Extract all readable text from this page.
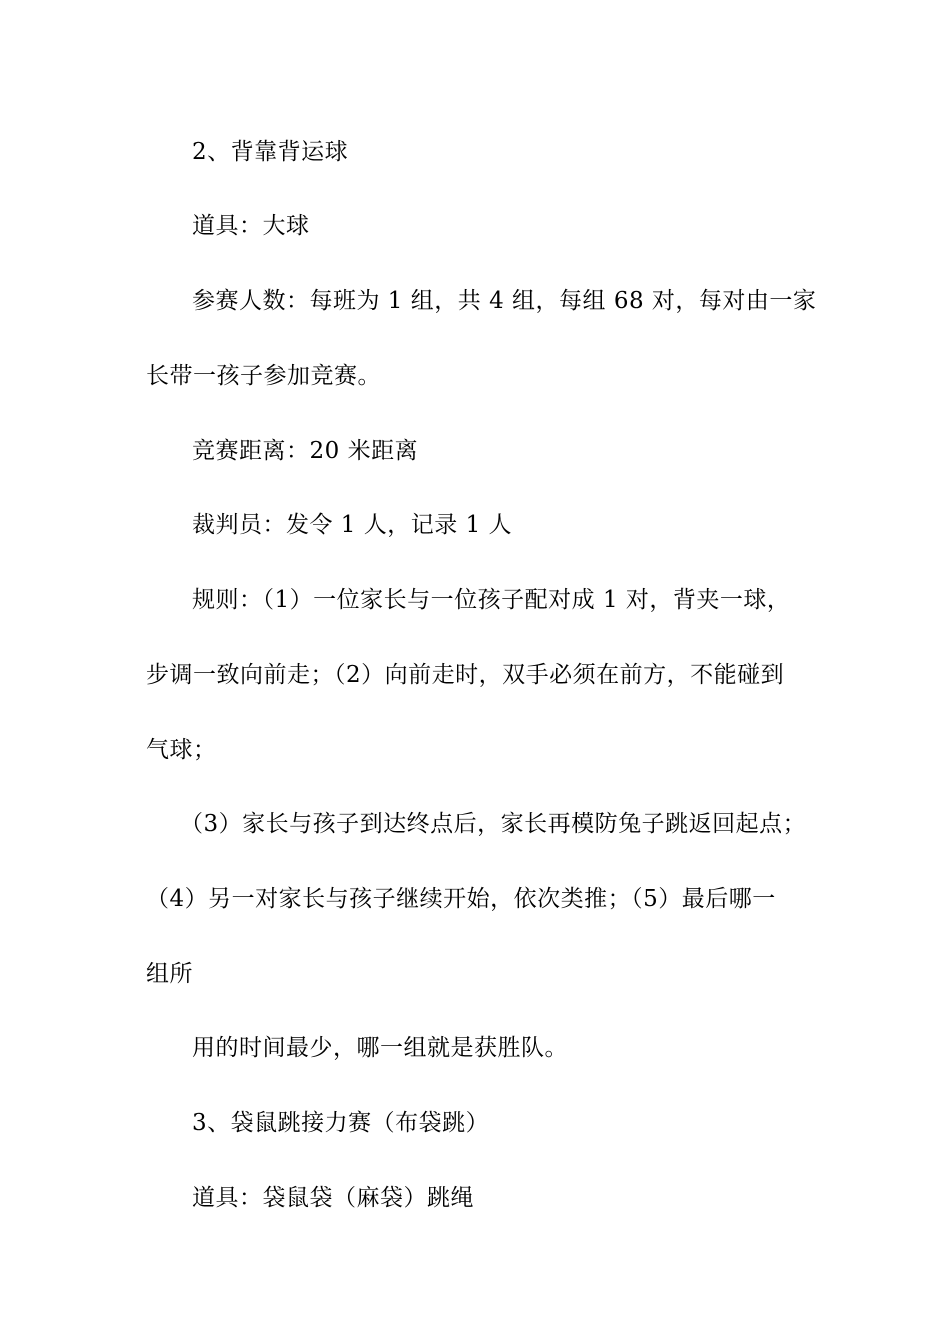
2、背靠背运球
道具：大球
参赛人数：每班为 1 组，共 4 组，每组 68 对，每对由一家
长带一孩子参加竞赛。
竞赛距离：20 米距离
裁判员：发令 1 人，记录 1 人
规则：（1）一位家长与一位孩子配对成 1 对，背夹一球，
步调一致向前走；（2）向前走时，双手必须在前方，不能碰到
气球；
（3）家长与孩子到达终点后，家长再模防兔子跳返回起点；
（4）另一对家长与孩子继续开始，依次类推；（5）最后哪一
组所
用的时间最少，哪一组就是获胜队。
3、袋鼠跳接力赛（布袋跳）
道具：袋鼠袋（麻袋）跳绳
